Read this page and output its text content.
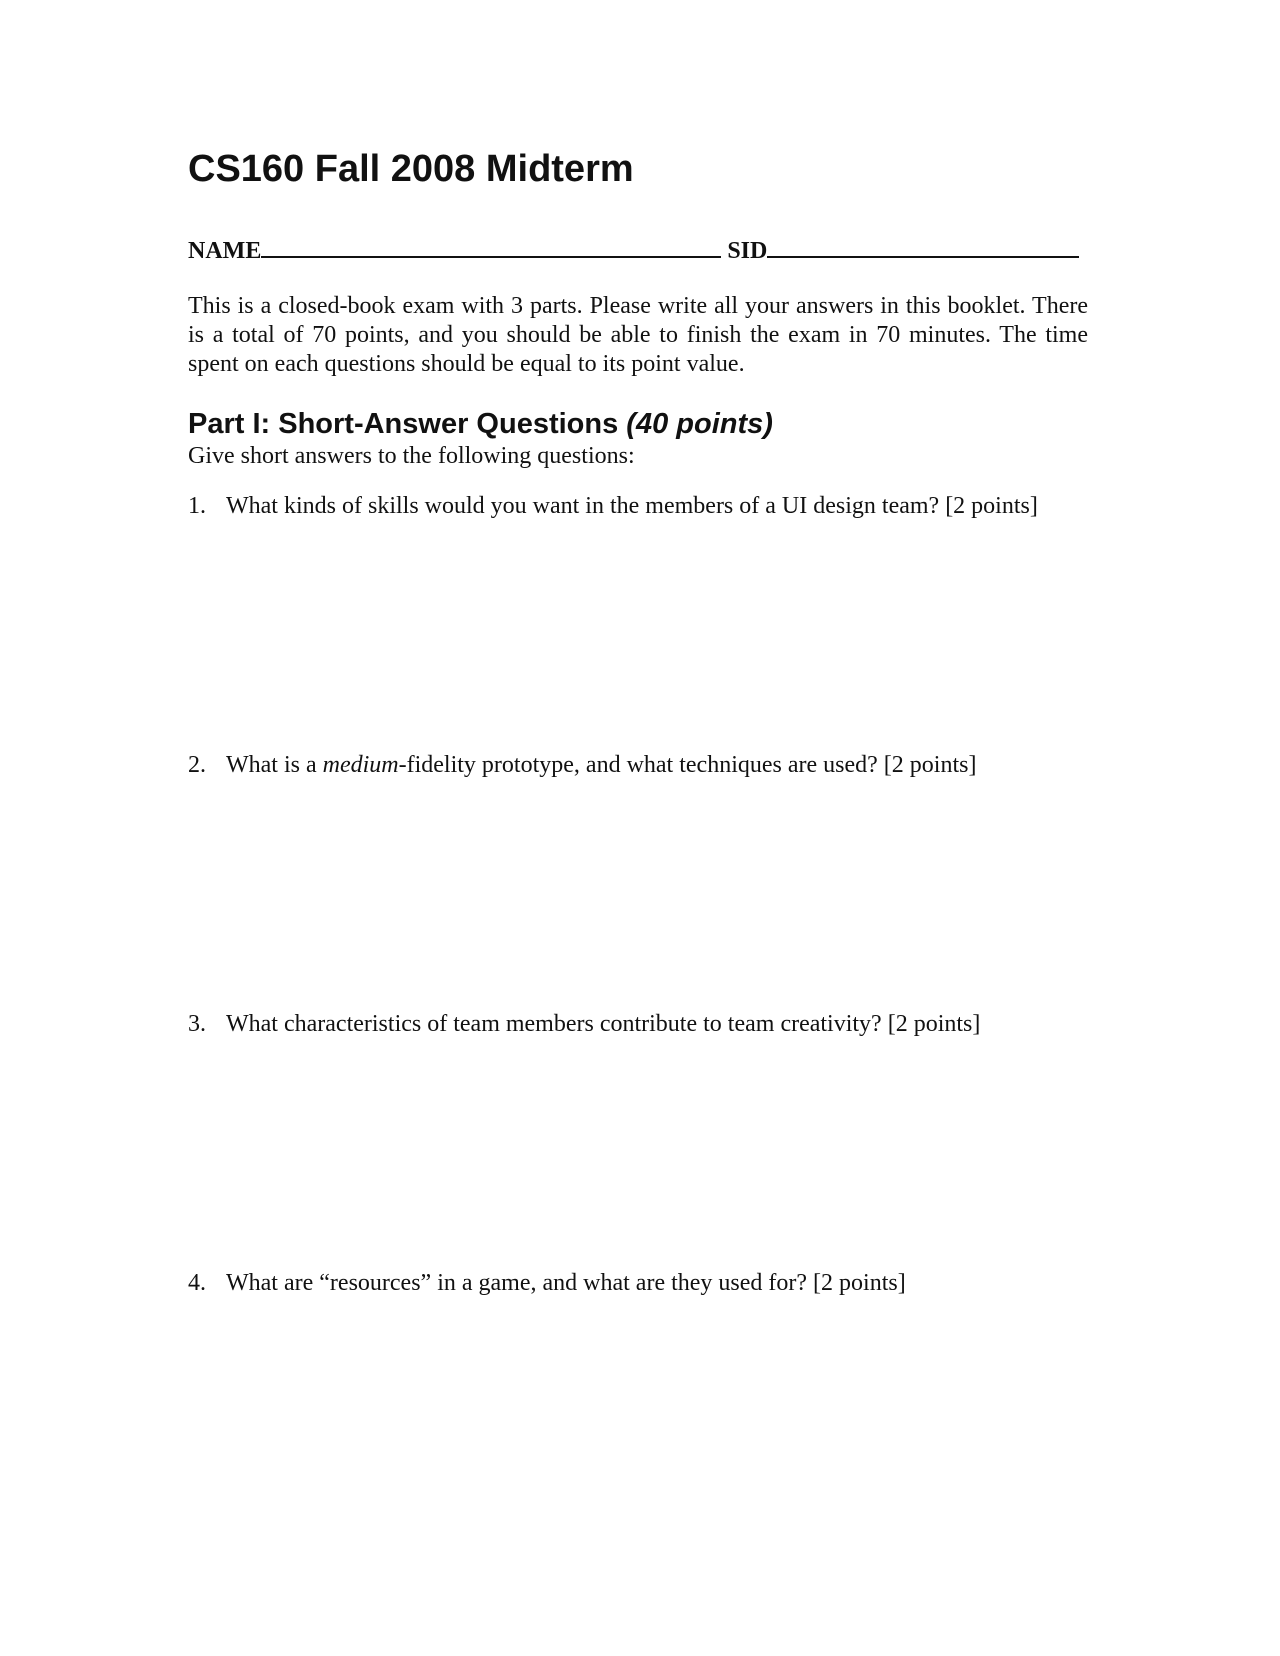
CS160 Fall 2008 Midterm
NAME	SID

This is a closed-book exam with 3 parts. Please write all your answers in this booklet. There is a total of 70 points, and you should be able to finish the exam in 70 minutes. The time spent on each questions should be equal to its point value.

Part I: Short-Answer Questions (40 points)

Give short answers to the following questions:

1. What kinds of skills would you want in the members of a UI design team? [2 points]
2. What is a medium-fidelity prototype, and what techniques are used? [2 points]
3. What characteristics of team members contribute to team creativity? [2 points]
4. What are “resources” in a game, and what are they used for? [2 points]
